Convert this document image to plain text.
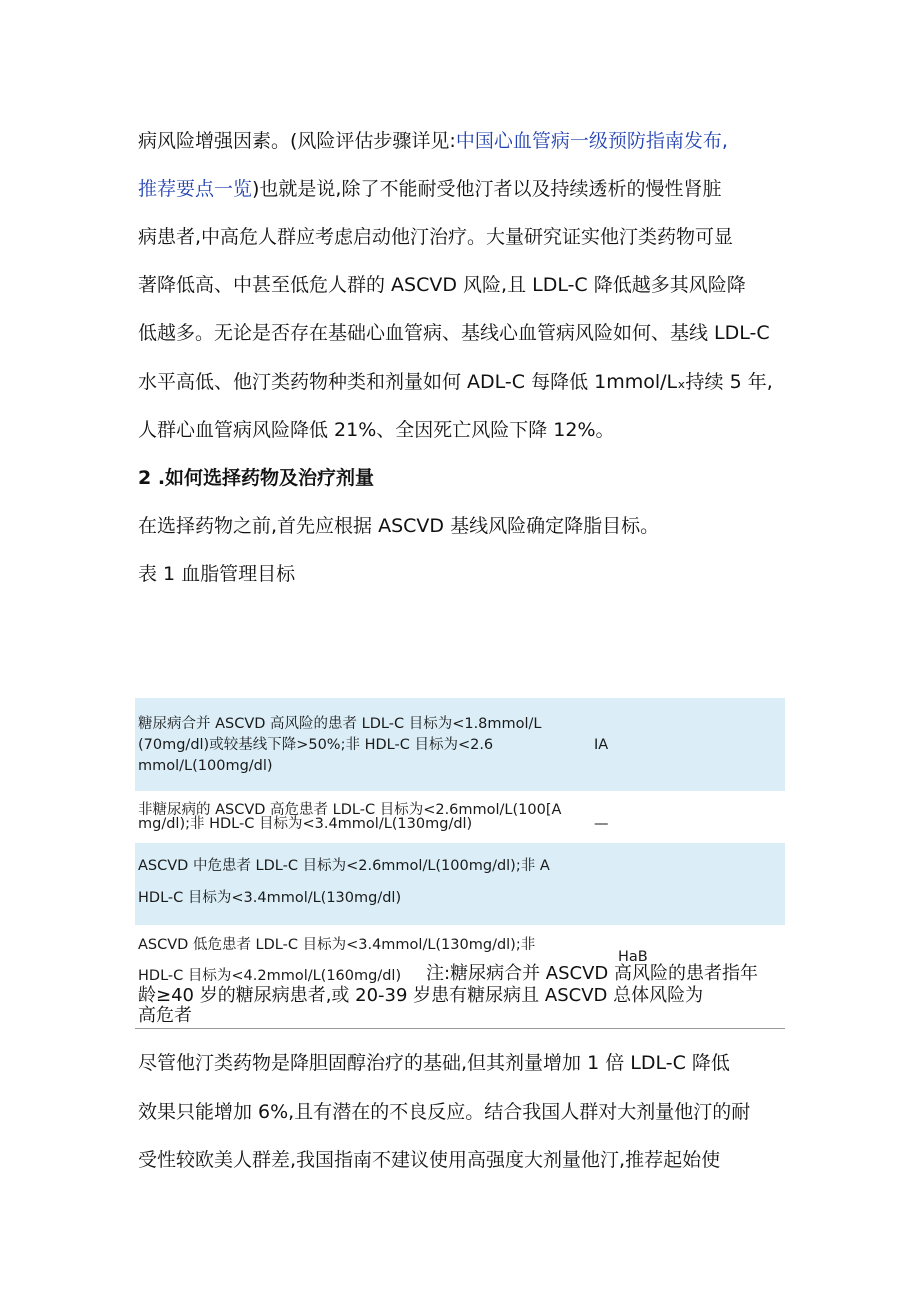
病风险增强因素。(风险评估步骤详见:中国心血管病一级预防指南发布,
推荐要点一览)也就是说,除了不能耐受他汀者以及持续透析的慢性肾脏
病患者,中高危人群应考虑启动他汀治疗。大量研究证实他汀类药物可显
著降低高、中甚至低危人群的 ASCVD 风险,且 LDL-C 降低越多其风险降
低越多。无论是否存在基础心血管病、基线心血管病风险如何、基线 LDL-C
水平高低、他汀类药物种类和剂量如何 ADL-C 每降低 1mmol/Lₓ持续 5 年,
人群心血管病风险降低 21%、全因死亡风险下降 12%。
2 .如何选择药物及治疗剂量
在选择药物之前,首先应根据 ASCVD 基线风险确定降脂目标。
表 1 血脂管理目标
糖尿病合并 ASCVD 高风险的患者 LDL-C 目标为<1.8mmol/L
(70mg/dl)或较基线下降>50%;非 HDL-C 目标为<2.6
mmol/L(100mg/dl)
IA
非糖尿病的 ASCVD 高危患者 LDL-C 目标为<2.6mmol/L(100[A
mg/dl);非 HDL-C 目标为<3.4mmol/L(130mg/dl)	—
ASCVD 中危患者 LDL-C 目标为<2.6mmol/L(100mg/dl);非 A
HDL-C 目标为<3.4mmol/L(130mg/dl)
ASCVD 低危患者 LDL-C 目标为<3.4mmol/L(130mg/dl);非
HaB
HDL-C 目标为<4.2mmol/L(160mg/dl) 注:糖尿病合并 ASCVD 高风险的患者指年
龄≥40 岁的糖尿病患者,或 20-39 岁患有糖尿病且 ASCVD 总体风险为
高危者
尽管他汀类药物是降胆固醇治疗的基础,但其剂量增加 1 倍 LDL-C 降低
效果只能增加 6%,且有潜在的不良反应。结合我国人群对大剂量他汀的耐
受性较欧美人群差,我国指南不建议使用高强度大剂量他汀,推荐起始使
